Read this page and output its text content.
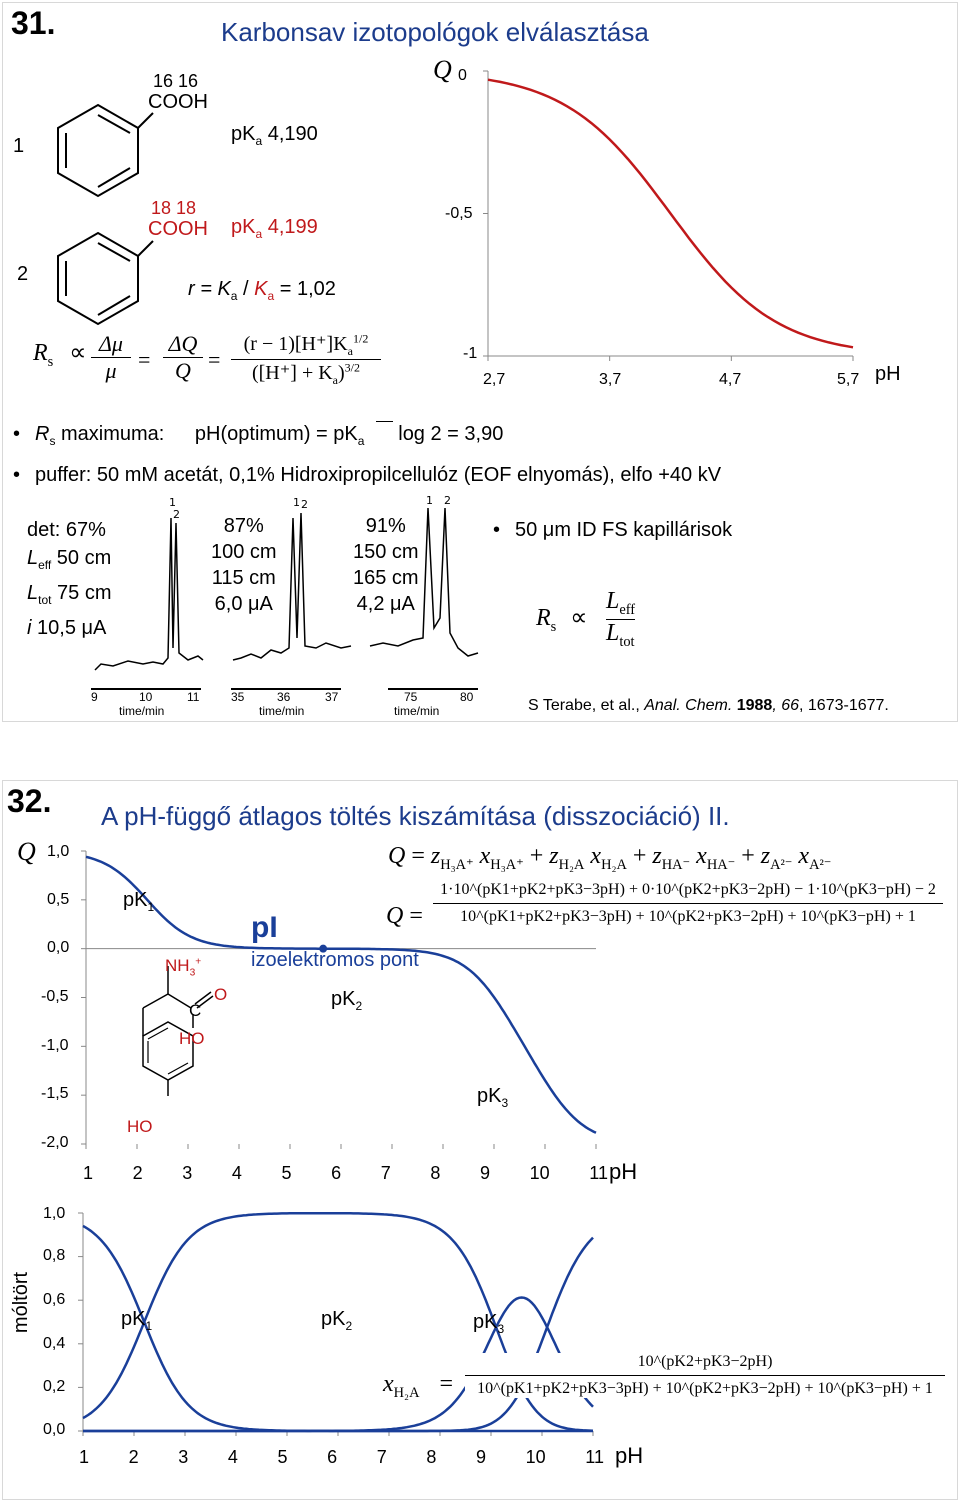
31.	Karbonsav izotopológok elválasztása
1
16 16
COOH
$pK_a$ 4,190
2
18 18
COOH $pK_a$ 4,199
$r = K_a / K_a = 1,02$
$R_s \propto \Delta\mu$
μ =
ΔQ
Q =
$(r - 1)[H^+]K_a^{1/2}$
$([H^+] + K_a)^{3/2}$
Q 0
-0,5
-1
2,7	3,7	4,7	5,7 pH
• $R_s$ maximuma: pH(optimum) = $pK_a$     log 2 = 3,90
• puffer: 50 mM acetát, 0,1% Hidroxipropilcellulóz (EOF elnyomás), elfo +40 kV
det: 67%
$L_{eff}$ 50 cm
$L_{tot}$ 75 cm
i 10,5 μA
87%
100 cm
115 cm
6,0 μA
91%
150 cm
165 cm
4,2 μA
1
2
1 2	1 2
9	10	11
time/min
35	36	37
time/min
75	80
time/min
• 50 μm ID FS kapillárisok
$R_s$ ∝
$L_{eff}$
$L_{tot}$
S Terabe, et al., Anal. Chem. 1988, 66, 1673-1677.
32. A pH-függő átlagos töltés kiszámítása (disszociáció) II.
Q 1,0
0,5
0,0
-0,5
-1,0
-1,5
-2,0
1 2 3 4 5 6 7 8 9 10 11 pH
$pK_1$
$pK_2$
$pK_3$
pI
izoelektromos pont
$NH_3^+$
O
C
HO
HO
$Q = z_{H_3A^+}$ $x_{H_3A^+} + z_{H_2A}$ $x_{H_2A} + z_{HA^-}$ $x_{HA^-} + z_{A^{2-}}$ $x_{A^{2-}}$
Q =
1·10^(pK1+pK2+pK3−3pH) + 0·10^(pK2+pK3−2pH) − 1·10^(pK3−pH) − 2
10^(pK1+pK2+pK3−3pH) + 10^(pK2+pK3−2pH) + 10^(pK3−pH) + 1
móltört
1,0
0,8
0,6
0,4
0,2
0,0
1 2 3 4 5 6 7 8 9 10 11 pH
$pK_1$	$pK_2$	$pK_3$
$x_{H_2A}$ =
10^(pK2+pK3−2pH)
10^(pK1+pK2+pK3−3pH) + 10^(pK2+pK3−2pH) + 10^(pK3−pH) + 1
